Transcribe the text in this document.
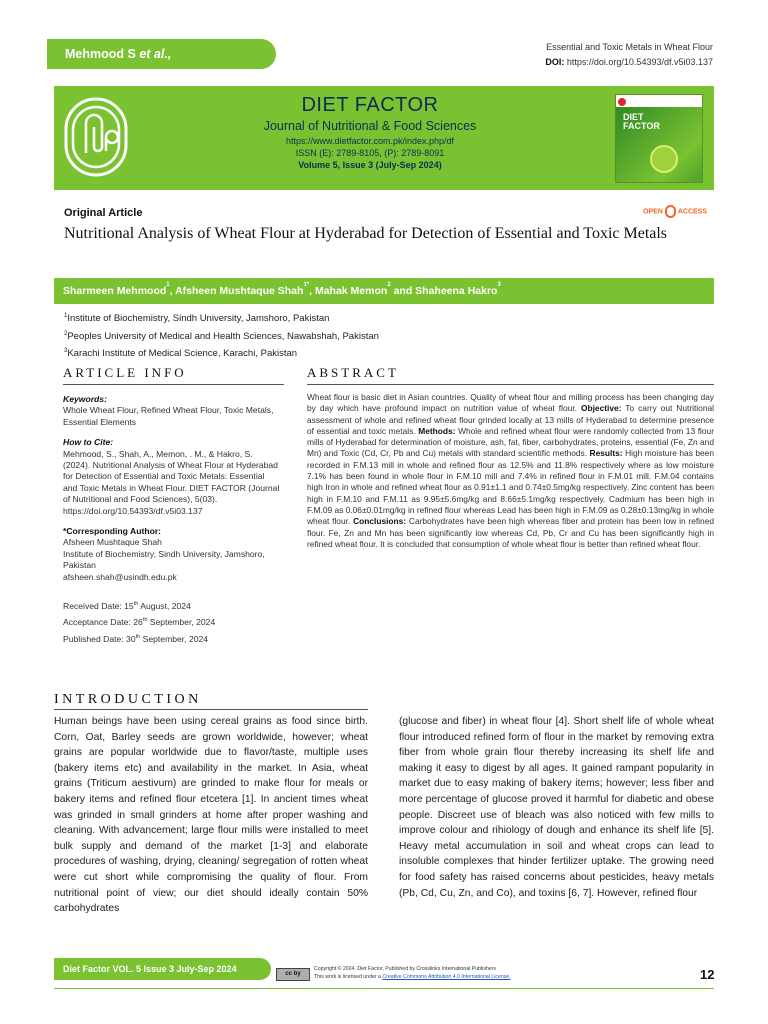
Mehmood S et al.,	Essential and Toxic Metals in Wheat Flour
DOI: https://doi.org/10.54393/df.v5i03.137
DIET FACTOR
Journal of Nutritional & Food Sciences
https://www.dietfactor.com.pk/index.php/df
ISSN (E): 2789-8105, (P): 2789-8091
Volume 5, Issue 3 (July-Sep 2024)
DIET
FACTOR
Original Article	OPEN ACCESS
Nutritional Analysis of Wheat Flour at Hyderabad for Detection of Essential and Toxic Metals
Sharmeen Mehmood$^1$, Afsheen Mushtaque Shah$^{1*}$, Mahak Memon$^2$ and Shaheena Hakro$^3$
$^1$Institute of Biochemistry, Sindh University, Jamshoro, Pakistan
$^2$Peoples University of Medical and Health Sciences, Nawabshah, Pakistan
$^3$Karachi Institute of Medical Science, Karachi, Pakistan
ARTICLE INFO	ABSTRACT
Keywords:
Whole Wheat Flour, Refined Wheat Flour, Toxic Metals, Essential Elements
How to Cite:
Mehmood, S., Shah, A., Memon, . M., & Hakro, S. (2024). Nutritional Analysis of Wheat Flour at Hyderabad for Detection of Essential and Toxic Metals: Essential and Toxic Metals in Wheat Flour. DIET FACTOR (Journal of Nutritional and Food Sciences), 5(03). https://doi.org/10.54393/df.v5i03.137
*Corresponding Author:
Afsheen Mushtaque Shah
Institute of Biochemistry, Sindh University, Jamshoro, Pakistan
afsheen.shah@usindh.edu.pk
Received Date: 15th August, 2024
Acceptance Date: 26th September, 2024
Published Date: 30th September, 2024
Wheat flour is basic diet in Asian countries. Quality of wheat flour and milling process has been changing day by day which have profound impact on nutrition value of wheat flour. Objective: To carry out Nutritional assessment of whole and refined wheat flour grinded locally at 13 mills of Hyderabad to determine presence of essential and toxic metals. Methods: Whole and refined wheat flour were randomly collected from 13 flour mills of Hyderabad for determination of moisture, ash, fat, fiber, carbohydrates, proteins, essential (Fe, Zn and Mn) and Toxic (Cd, Cr, Pb and Cu) metals with standard scientific methods. Results: High moisture has been recorded in F.M.13 mill in whole and refined flour as 12.5% and 11.8% respectively where as low moisture 7.1% has been found in whole flour in F.M.10 mill and 7.4% in refined flour in F.M.01 mill. F.M.04 contains high Iron in whole and refined wheat flour as 0.91±1.1 and 0.74±0.5mg/kg respectively. Zinc content has been high in F.M.10 and F.M.11 as 9.95±5.6mg/kg and 8.66±5.1mg/kg respectively. Cadmium has been high in F.M.09 as 0.06±0.01mg/kg in refined flour whereas Lead has been high in F.M.09 as 0.28±0.13mg/kg in whole wheat flour. Conclusions: Carbohydrates have been high whereas fiber and protein has been low in refined flour. Fe, Zn and Mn has been significantly low whereas Cd, Pb, Cr and Cu has been significantly high in refined wheat flour. It is concluded that consumption of whole wheat flour is better than refined wheat flour.
INTRODUCTION
Human beings have been using cereal grains as food since birth. Corn, Oat, Barley seeds are grown worldwide, however; wheat grains are popular worldwide due to flavor/taste, multiple uses (bakery items etc) and availability in the market. In Asia, wheat grains (Triticum aestivum) are grinded to make flour for meals or bakery items and refined flour etcetera [1]. In ancient times wheat was grinded in small grinders at home after proper washing and cleaning. With advancement; large flour mills were installed to meet bulk supply and demand of the market [1-3] and elaborate procedures of washing, drying, cleaning/ segregation of rotten wheat were cut short while compromising the quality of flour. From nutritional point of view; our diet should ideally contain 50% carbohydrates
(glucose and fiber) in wheat flour [4]. Short shelf life of whole wheat flour introduced refined form of flour in the market by removing extra fiber from whole grain flour thereby increasing its shelf life and making it easy to digest by all ages. It gained rampant popularity in market due to easy making of bakery items; however; less fiber and more percentage of glucose proved it harmful for diabetic and obese people. Discreet use of bleach was also noticed with few mills to improve colour and rihiology of dough and enhance its shelf life [5]. Heavy metal accumulation in soil and wheat crops can lead to insoluble complexes that hinder fertilizer uptake. The growing need for food safety has raised concerns about pesticides, heavy metals (Pb, Cd, Cu, Zn, and Co), and toxins [6, 7]. However, refined flour
Diet Factor VOL. 5 Issue 3 July-Sep 2024	cc by
Copyright © 2024. Diet Factor, Published by Crosslinks International Publishers
This work is licensed under a Creative Commons Attribution 4.0 International License.	12
